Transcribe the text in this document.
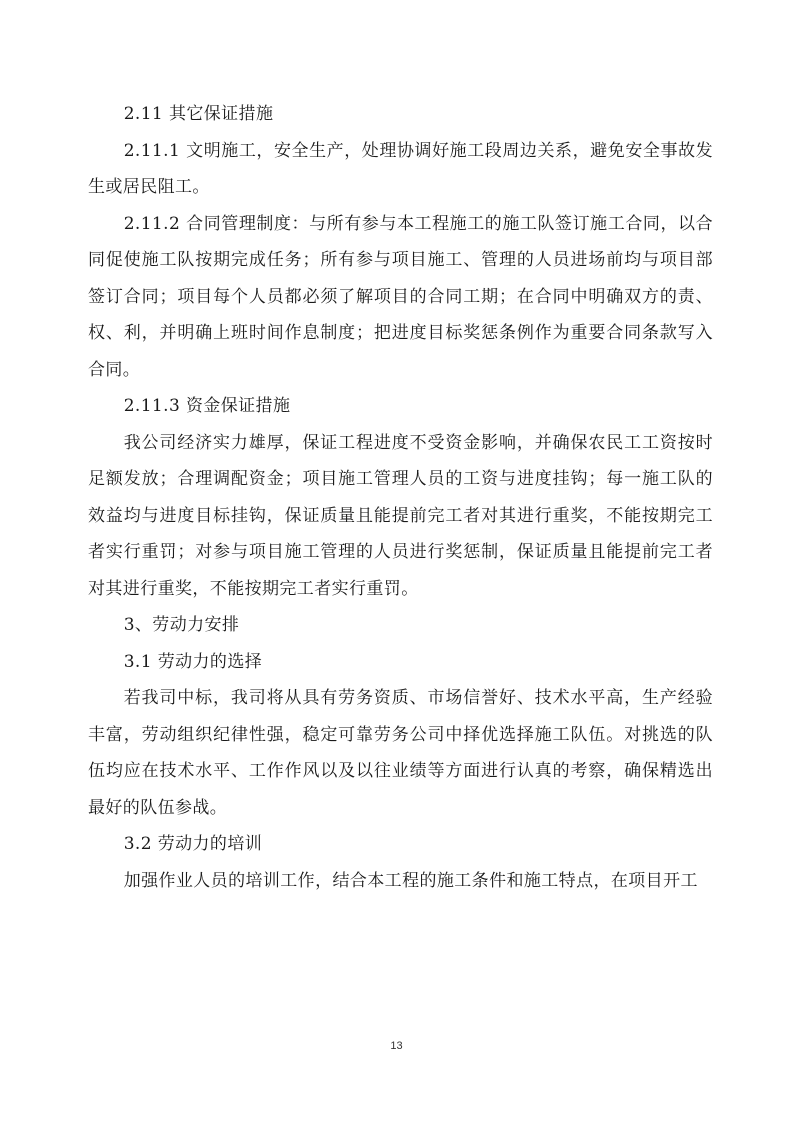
2.11 其它保证措施

2.11.1 文明施工，安全生产，处理协调好施工段周边关系，避免安全事故发生或居民阻工。

2.11.2 合同管理制度：与所有参与本工程施工的施工队签订施工合同，以合同促使施工队按期完成任务；所有参与项目施工、管理的人员进场前均与项目部签订合同；项目每个人员都必须了解项目的合同工期；在合同中明确双方的责、权、利，并明确上班时间作息制度；把进度目标奖惩条例作为重要合同条款写入合同。

2.11.3 资金保证措施

我公司经济实力雄厚，保证工程进度不受资金影响，并确保农民工工资按时足额发放；合理调配资金；项目施工管理人员的工资与进度挂钩；每一施工队的效益均与进度目标挂钩，保证质量且能提前完工者对其进行重奖，不能按期完工者实行重罚；对参与项目施工管理的人员进行奖惩制，保证质量且能提前完工者对其进行重奖，不能按期完工者实行重罚。

3、劳动力安排

3.1 劳动力的选择

若我司中标，我司将从具有劳务资质、市场信誉好、技术水平高，生产经验丰富，劳动组织纪律性强，稳定可靠劳务公司中择优选择施工队伍。对挑选的队伍均应在技术水平、工作作风以及以往业绩等方面进行认真的考察，确保精选出最好的队伍参战。

3.2 劳动力的培训

加强作业人员的培训工作，结合本工程的施工条件和施工特点，在项目开工

13
